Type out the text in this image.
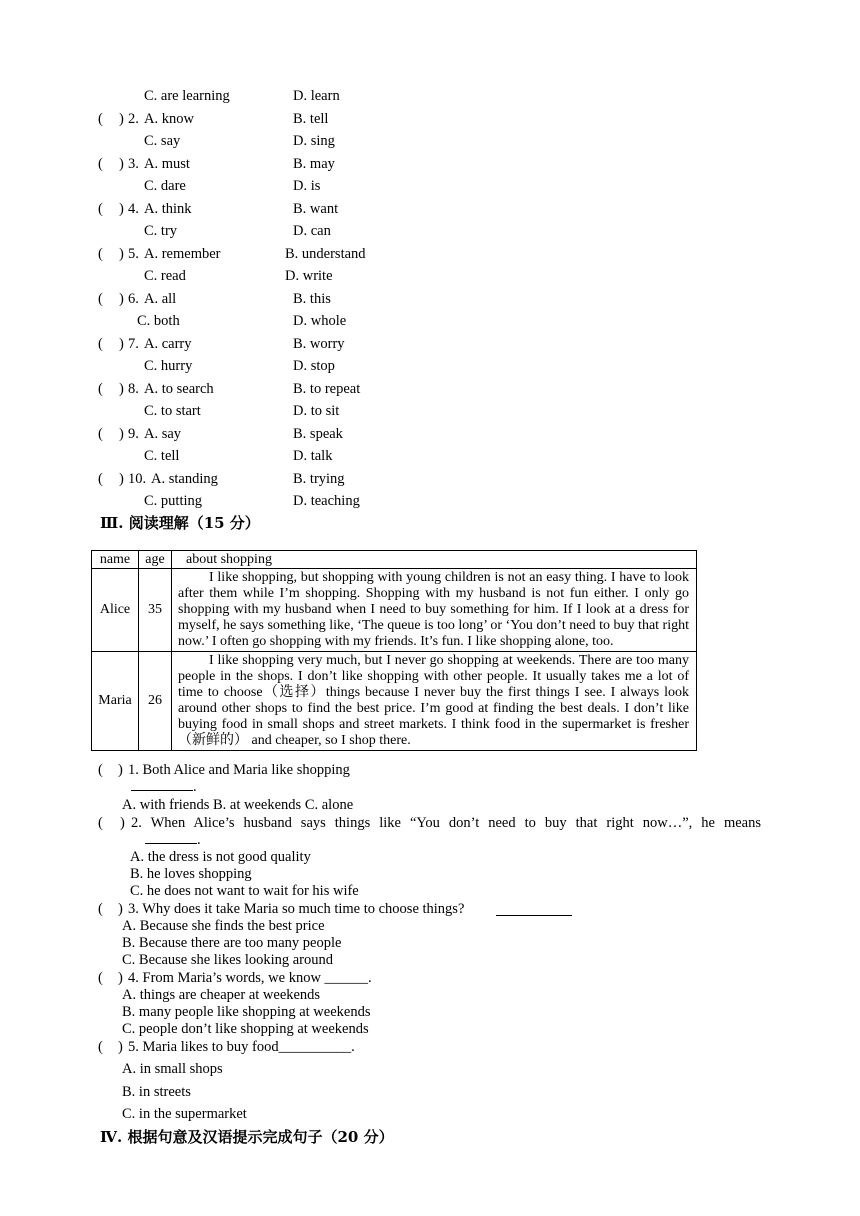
C. are learning	D. learn
( ) 2. A. know	B. tell
C. say	D. sing
( ) 3. A. must	B. may
C. dare	D. is
( ) 4. A. think	B. want
C. try	D. can
( ) 5. A. remember	B. understand
C. read	D. write
( ) 6. A. all	B. this
C. both	D. whole
( ) 7. A. carry	B. worry
C. hurry	D. stop
( ) 8. A. to search	B. to repeat
C. to start	D. to sit
( ) 9. A. say	B. speak
C. tell	D. talk
( ) 10. A. standing	B. trying
C. putting	D. teaching
Ⅲ. 阅读理解（15 分）
name	age	about shopping
Alice	35	I like shopping, but shopping with young children is not an easy thing. I have to look after them while I’m shopping. Shopping with my husband is not fun either. I only go shopping with my husband when I need to buy something for him. If I look at a dress for myself, he says something like, ‘The queue is too long’ or ‘You don’t need to buy that right now.’ I often go shopping with my friends. It’s fun. I like shopping alone, too.

Maria	26	I like shopping very much, but I never go shopping at weekends. There are too many people in the shops. I don’t like shopping with other people. It usually takes me a lot of time to choose（选择）things because I never buy the first things I see. I always look around other shops to find the best price. I’m good at finding the best deals. I don’t like buying food in small shops and street markets. I think food in the supermarket is fresher（新鲜的） and cheaper, so I shop there.
( ) 1. Both Alice and Maria like shopping
.
A. with friends B. at weekends C. alone
( ) 2. When Alice’s husband says things like “You don’t need to buy that right now…”, he means
.
A. the dress is not good quality
B. he loves shopping
C. he does not want to wait for his wife
( ) 3. Why does it take Maria so much time to choose things?
A. Because she finds the best price
B. Because there are too many people
C. Because she likes looking around
( ) 4. From Maria’s words, we know ______.
A. things are cheaper at weekends
B. many people like shopping at weekends
C. people don’t like shopping at weekends
( ) 5. Maria likes to buy food__________.
A. in small shops
B. in streets
C. in the supermarket
Ⅳ. 根据句意及汉语提示完成句子（20 分）
